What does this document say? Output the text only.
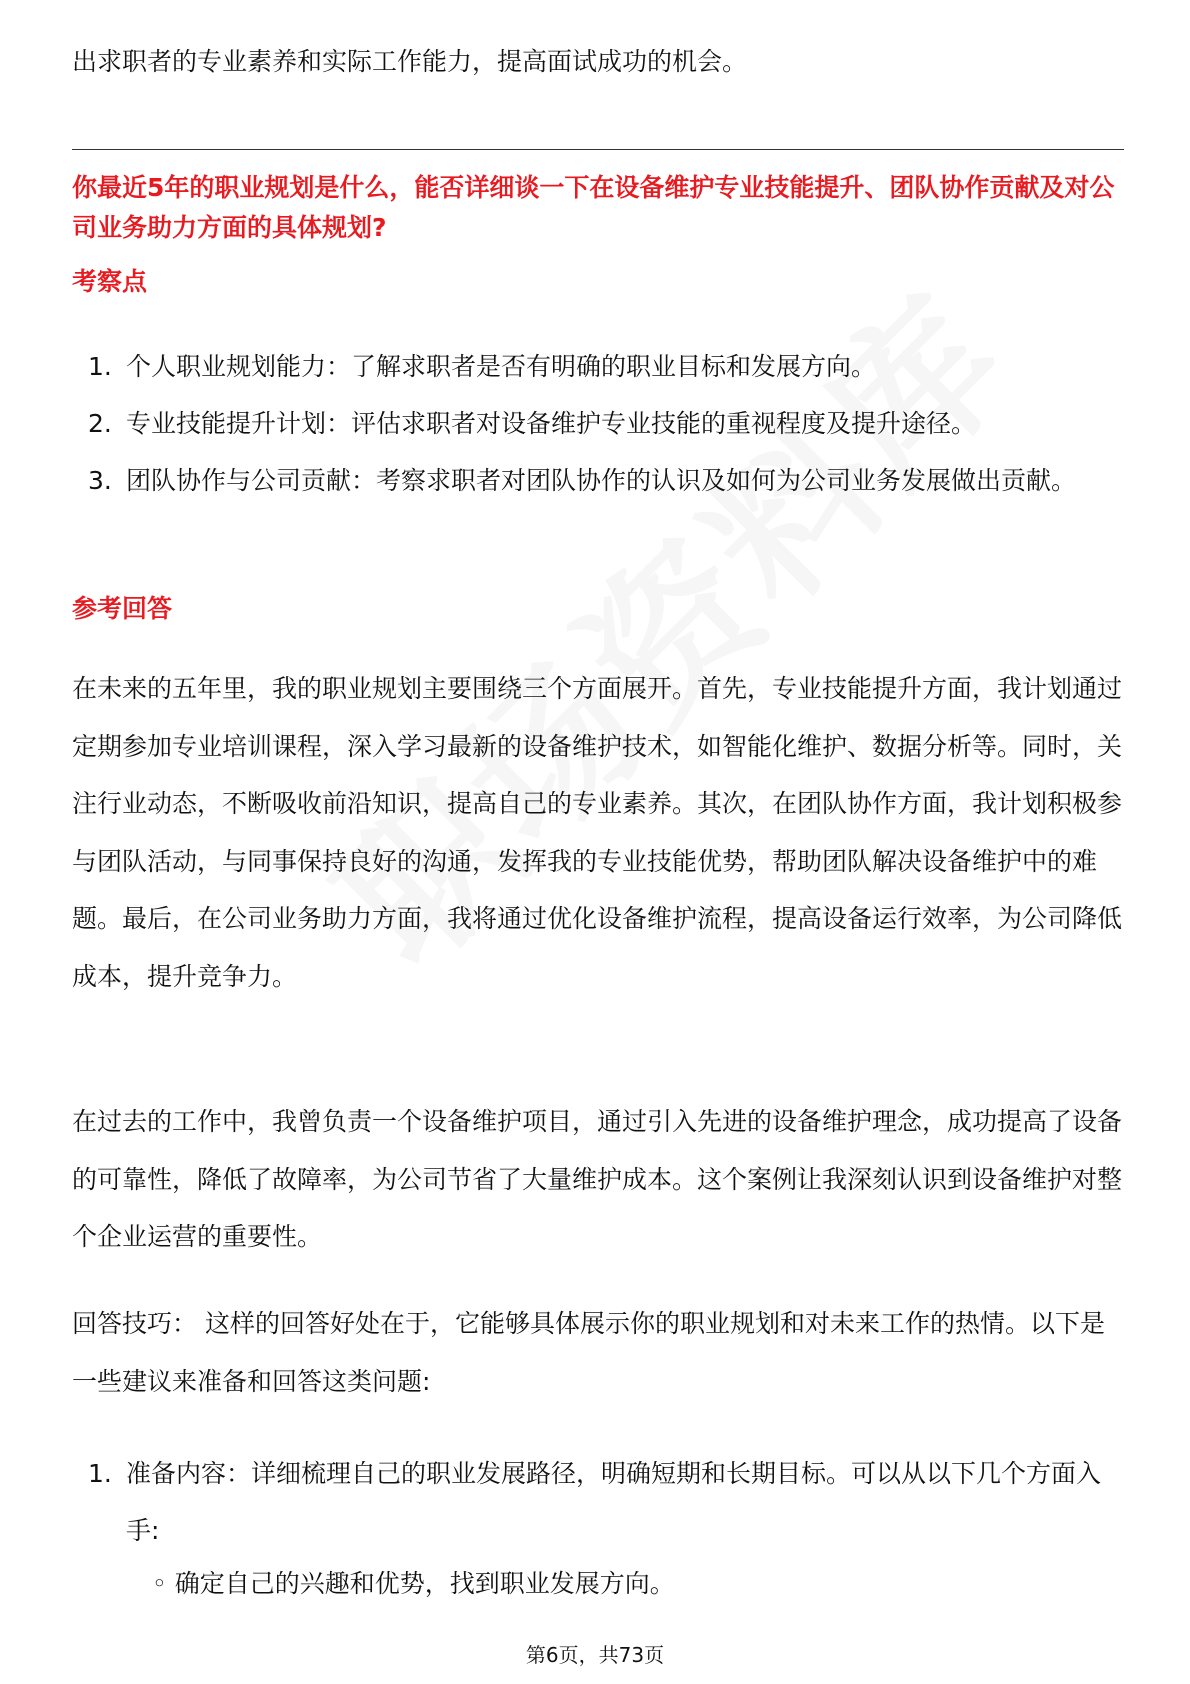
出求职者的专业素养和实际工作能力，提高面试成功的机会。

你最近5年的职业规划是什么，能否详细谈一下在设备维护专业技能提升、团队协作贡献及对公司业务助力方面的具体规划?

考察点

1. 个人职业规划能力：了解求职者是否有明确的职业目标和发展方向。
2. 专业技能提升计划：评估求职者对设备维护专业技能的重视程度及提升途径。
3. 团队协作与公司贡献：考察求职者对团队协作的认识及如何为公司业务发展做出贡献。

参考回答

在未来的五年里，我的职业规划主要围绕三个方面展开。首先，专业技能提升方面，我计划通过定期参加专业培训课程，深入学习最新的设备维护技术，如智能化维护、数据分析等。同时，关注行业动态，不断吸收前沿知识，提高自己的专业素养。其次，在团队协作方面，我计划积极参与团队活动，与同事保持良好的沟通，发挥我的专业技能优势，帮助团队解决设备维护中的难题。最后，在公司业务助力方面，我将通过优化设备维护流程，提高设备运行效率，为公司降低成本，提升竞争力。

在过去的工作中，我曾负责一个设备维护项目，通过引入先进的设备维护理念，成功提高了设备的可靠性，降低了故障率，为公司节省了大量维护成本。这个案例让我深刻认识到设备维护对整个企业运营的重要性。

回答技巧： 这样的回答好处在于，它能够具体展示你的职业规划和对未来工作的热情。以下是一些建议来准备和回答这类问题:

1. 准备内容：详细梳理自己的职业发展路径，明确短期和长期目标。可以从以下几个方面入手:
◦ 确定自己的兴趣和优势，找到职业发展方向。
第6页，共73页
